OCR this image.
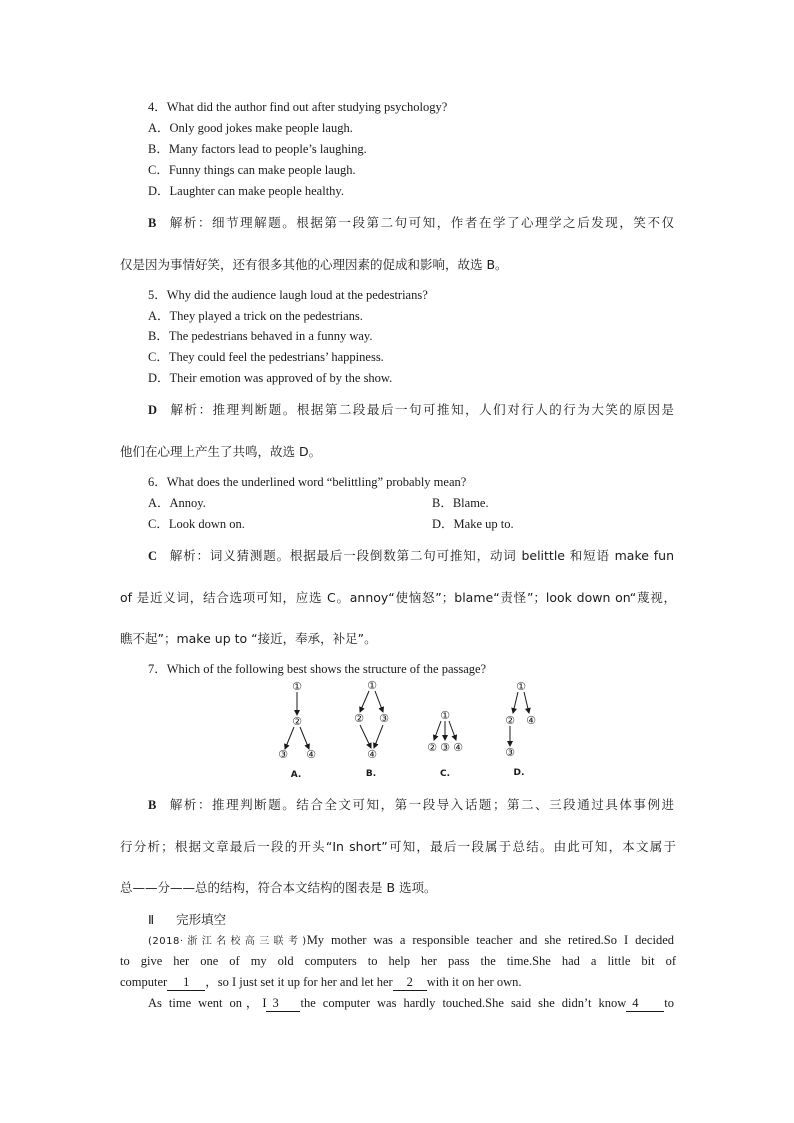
4．What did the author find out after studying psychology?
A．Only good jokes make people laugh.
B．Many factors lead to people’s laughing.
C．Funny things can make people laugh.
D．Laughter can make people healthy.
B 解析：细节理解题。根据第一段第二句可知，作者在学了心理学之后发现，笑不仅
仅是因为事情好笑，还有很多其他的心理因素的促成和影响，故选 B。
5．Why did the audience laugh loud at the pedestrians?
A．They played a trick on the pedestrians.
B．The pedestrians behaved in a funny way.
C．They could feel the pedestrians’ happiness.
D．Their emotion was approved of by the show.
D 解析：推理判断题。根据第二段最后一句可推知，人们对行人的行为大笑的原因是
他们在心理上产生了共鸣，故选 D。
6．What does the underlined word “belittling” probably mean?
A．Annoy.	B．Blame.
C．Look down on.	D．Make up to.
C 解析：词义猜测题。根据最后一段倒数第二句可推知，动词 belittle 和短语 make fun
of 是近义词，结合选项可知，应选 C。annoy“使恼怒”；blame“责怪”；look down on“蔑视，
瞧不起”；make up to “接近，奉承，补足”。
7．Which of the following best shows the structure of the passage?
①
②
③ ④
①
② ③
④
①
② ③ ④
①
② ④
③
A.	B.	C.	D.
B 解析：推理判断题。结合全文可知，第一段导入话题；第二、三段通过具体事例进
行分析；根据文章最后一段的开头“In short”可知，最后一段属于总结。由此可知，本文属于
总——分——总的结构，符合本文结构的图表是 B 选项。
Ⅱ 完形填空
(2018·浙江名校高三联考)My mother was a responsible teacher and she retired.So I decided
to give her one of my old computers to help her pass the time.She had a little bit of
computer 1 ，so I just set it up for her and let her 2 with it on her own.
As time went on，I 3 the computer was hardly touched.She said she didn’t know 4 to
